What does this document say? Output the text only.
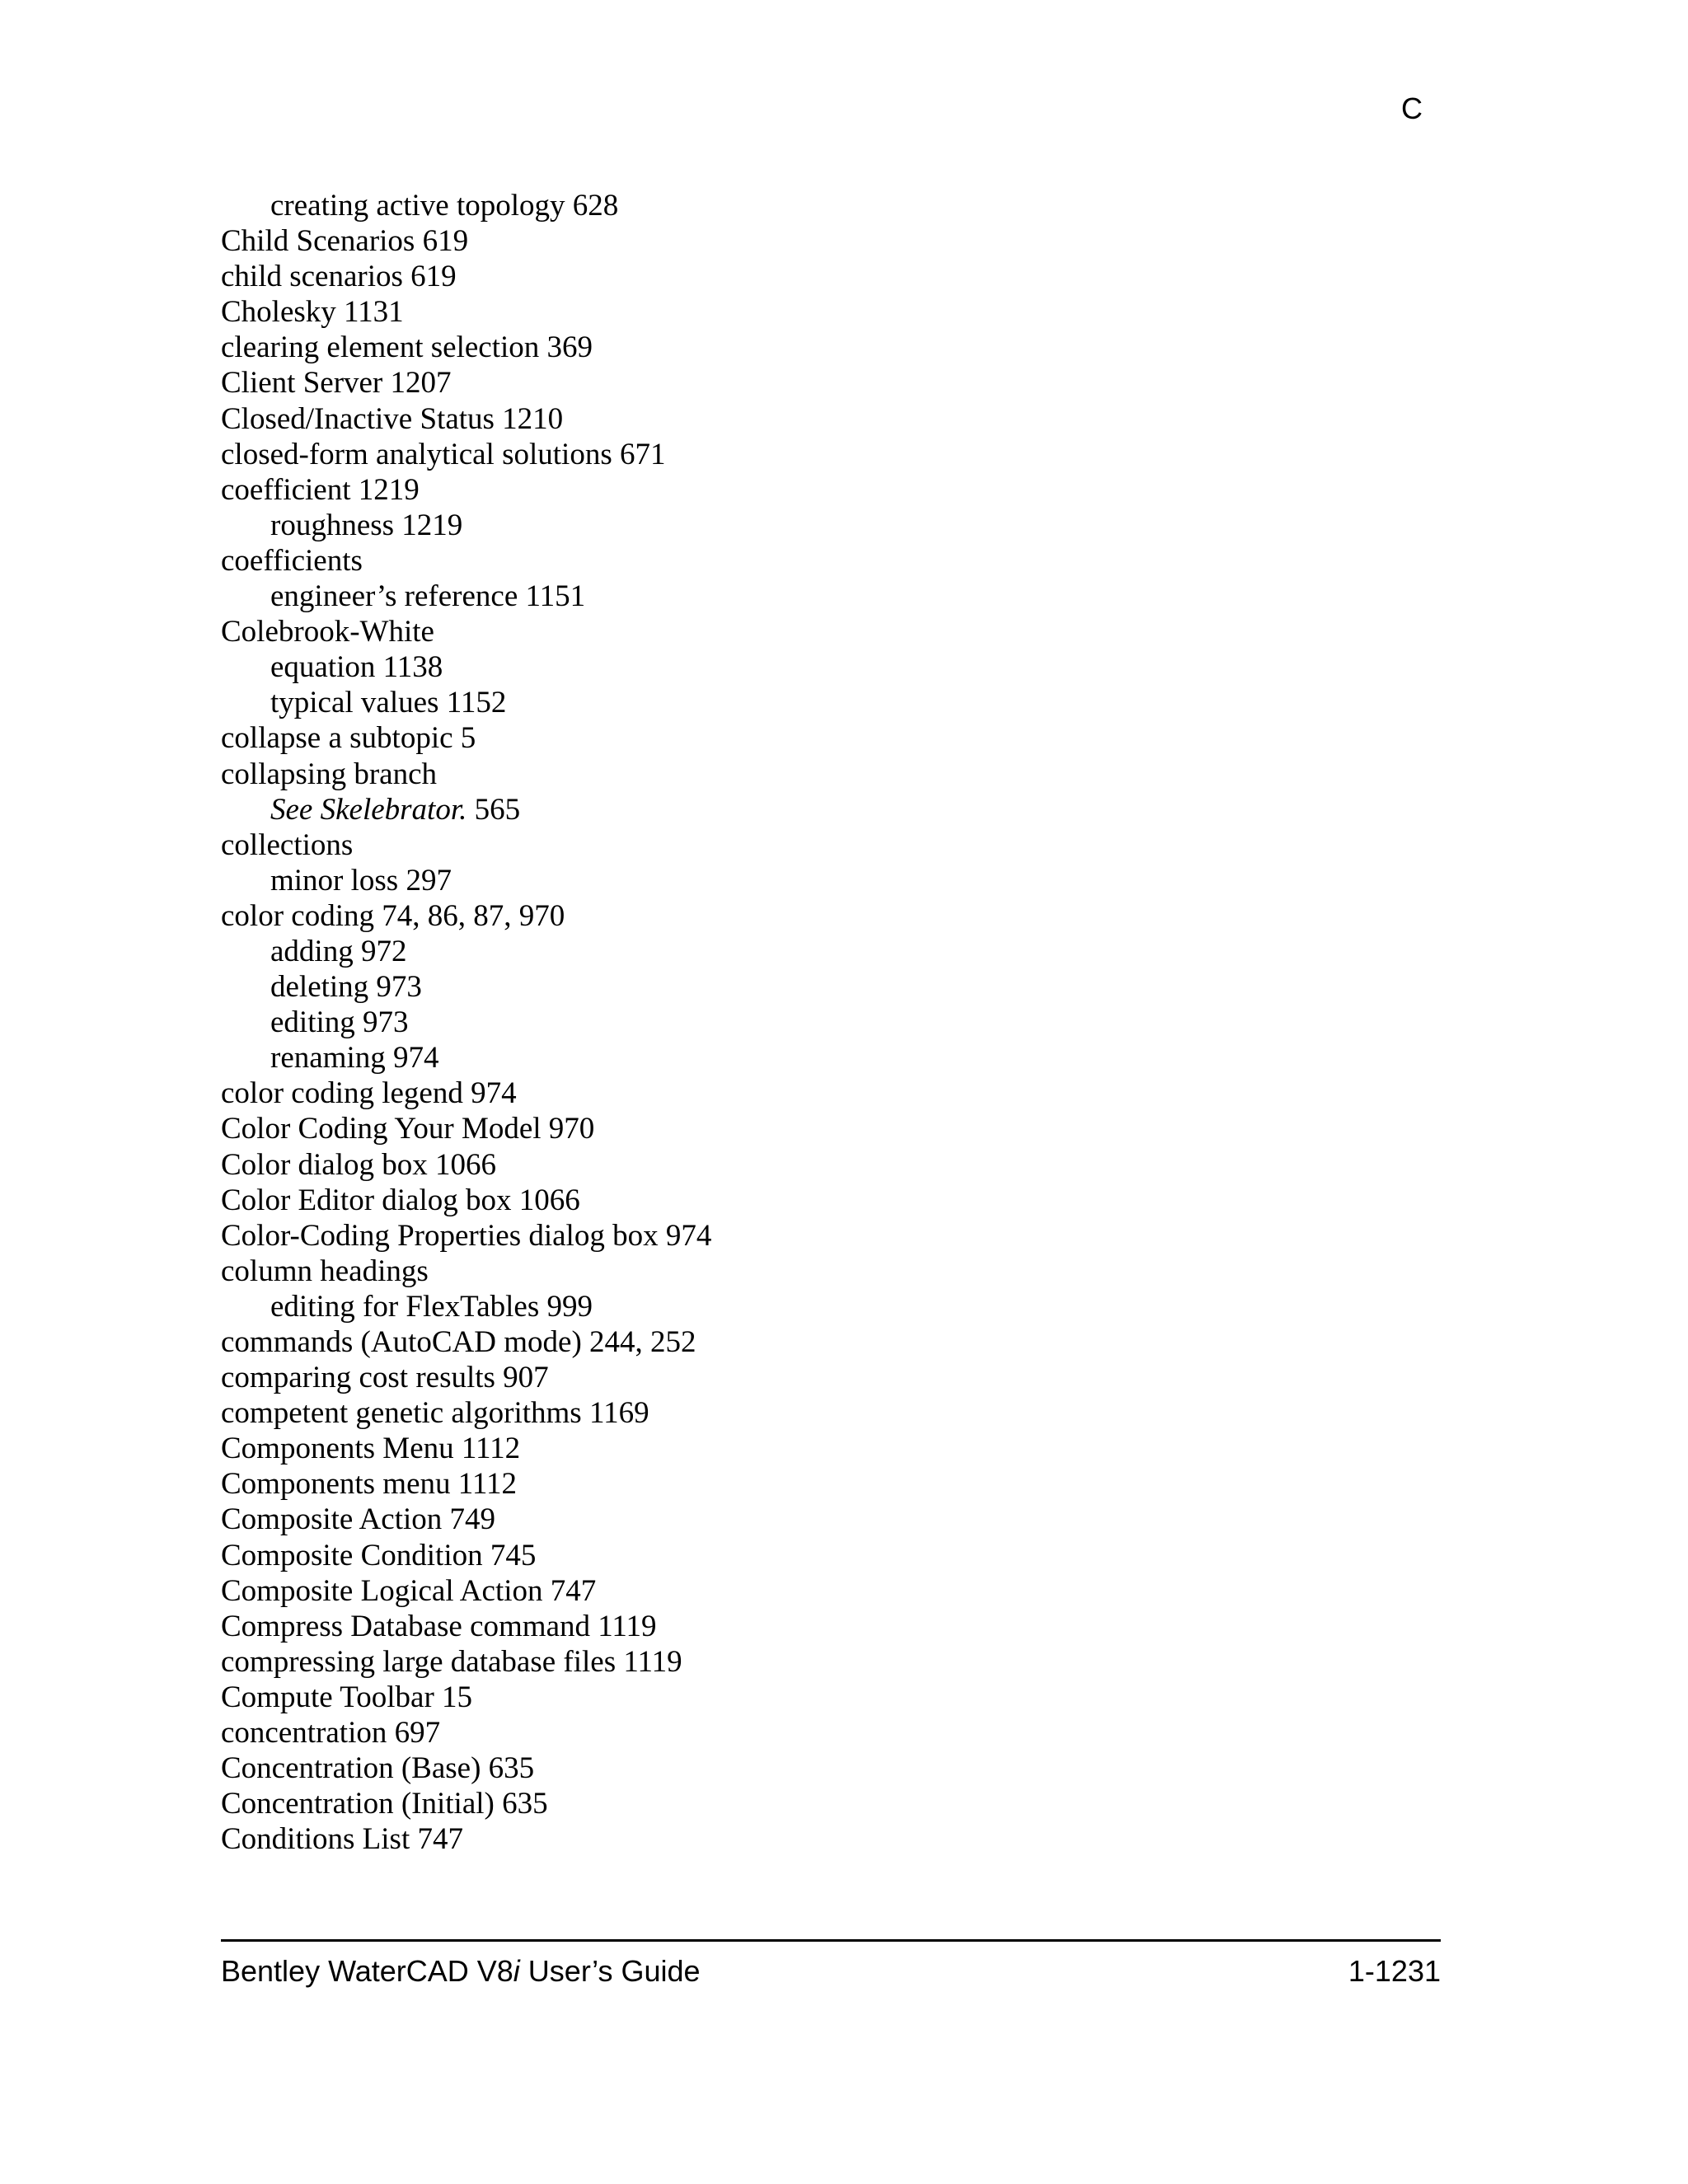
C
creating active topology 628
Child Scenarios 619
child scenarios 619
Cholesky 1131
clearing element selection 369
Client Server 1207
Closed/Inactive Status 1210
closed-form analytical solutions 671
coefficient 1219
roughness 1219
coefficients
engineer’s reference 1151
Colebrook-White
equation 1138
typical values 1152
collapse a subtopic 5
collapsing branch
See Skelebrator. 565
collections
minor loss 297
color coding 74, 86, 87, 970
adding 972
deleting 973
editing 973
renaming 974
color coding legend 974
Color Coding Your Model 970
Color dialog box 1066
Color Editor dialog box 1066
Color-Coding Properties dialog box 974
column headings
editing for FlexTables 999
commands (AutoCAD mode) 244, 252
comparing cost results 907
competent genetic algorithms 1169
Components Menu 1112
Components menu 1112
Composite Action 749
Composite Condition 745
Composite Logical Action 747
Compress Database command 1119
compressing large database files 1119
Compute Toolbar 15
concentration 697
Concentration (Base) 635
Concentration (Initial) 635
Conditions List 747
Bentley WaterCAD V8i User’s Guide	1-1231
